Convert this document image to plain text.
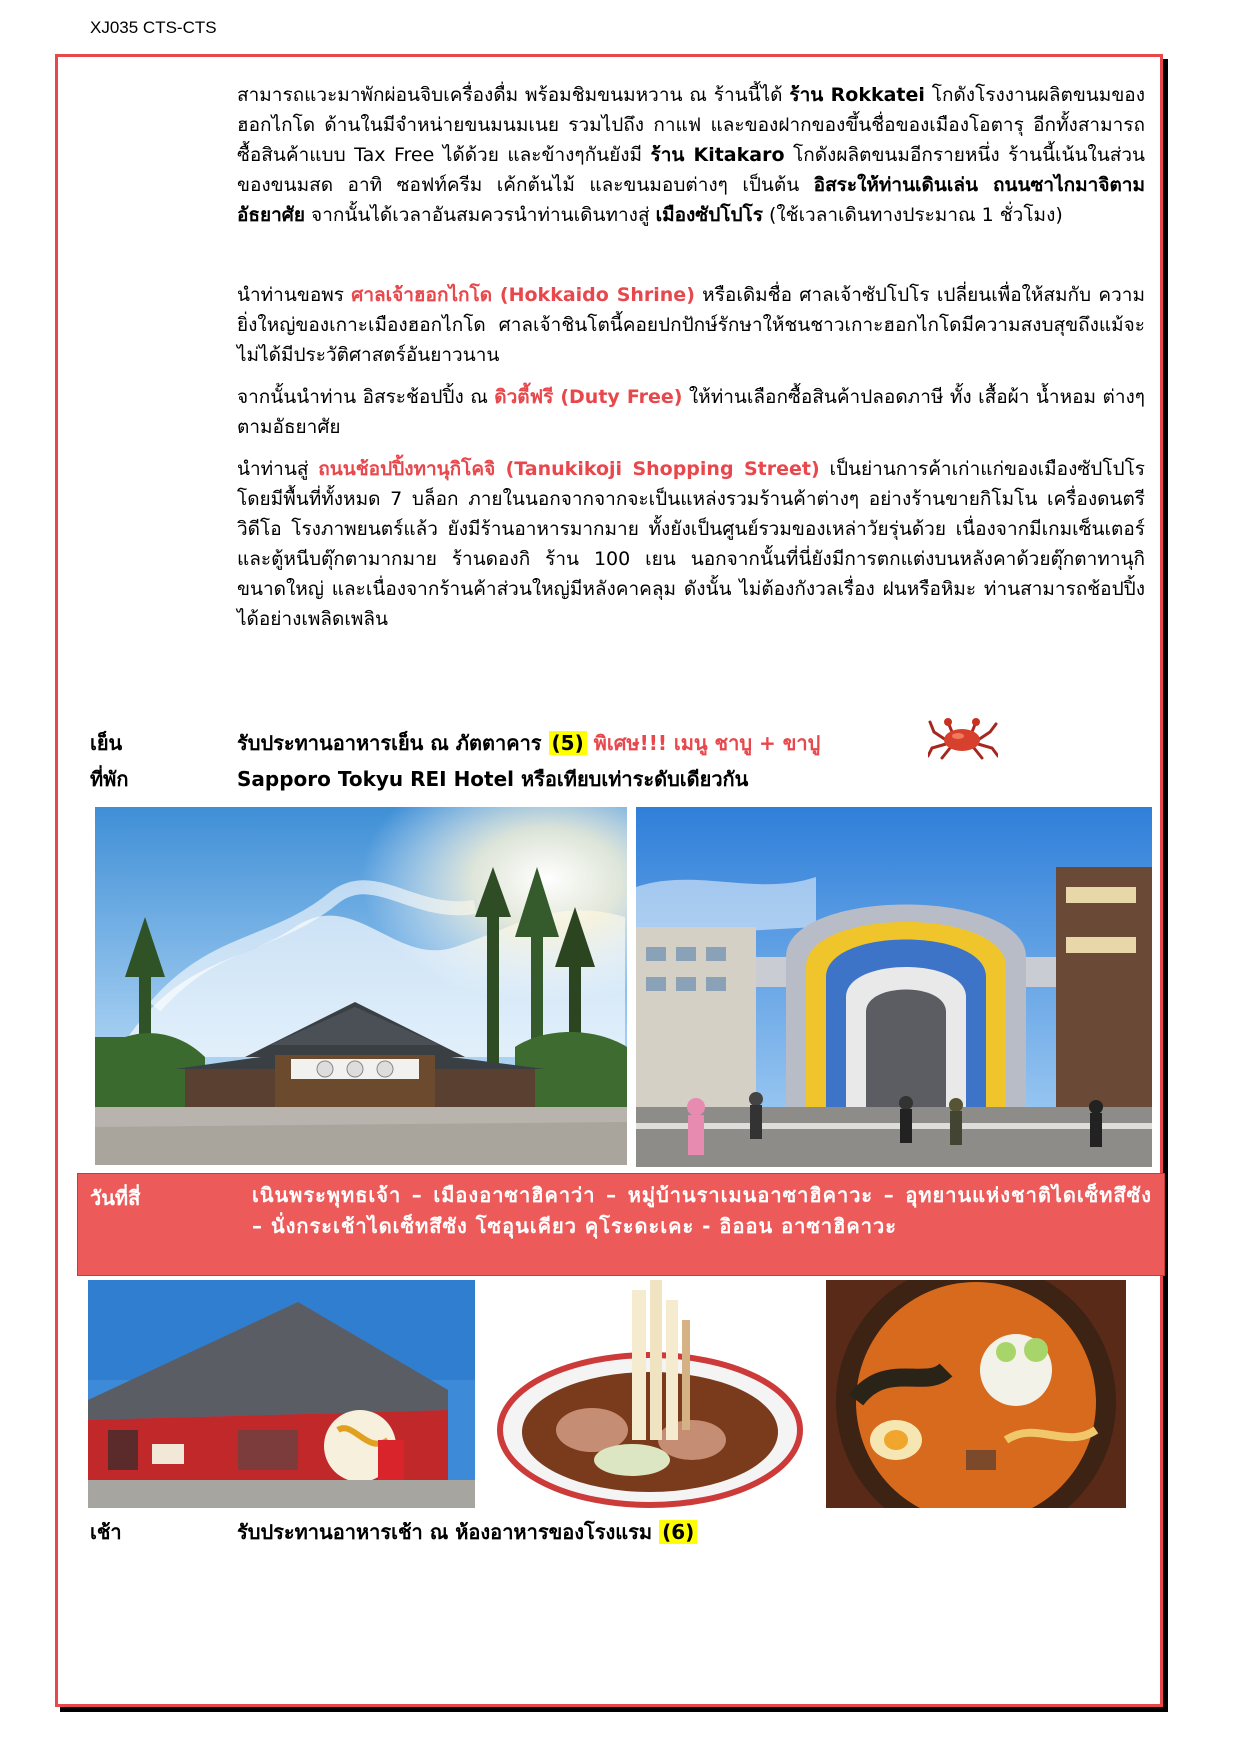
XJ035 CTS-CTS
สามารถแวะมาพักผ่อนจิบเครื่องดื่ม พร้อมชิมขนมหวาน ณ ร้านนี้ได้ ร้าน Rokkatei โกดังโรงงานผลิตขนมของฮอกไกโด ด้านในมีจำหน่ายขนมนมเนย รวมไปถึง กาแฟ และของฝากของขึ้นชื่อของเมืองโอตารุ อีกทั้งสามารถซื้อสินค้าแบบ Tax Free ได้ด้วย และข้างๆกันยังมี ร้าน Kitakaro โกดังผลิตขนมอีกรายหนึ่ง ร้านนี้เน้นในส่วนของขนมสด อาทิ ซอฟท์ครีม เค้กต้นไม้ และขนมอบต่างๆ เป็นต้น อิสระให้ท่านเดินเล่น ถนนซาไกมาจิตามอัธยาศัย จากนั้นได้เวลาอันสมควรนำท่านเดินทางสู่ เมืองซัปโปโร (ใช้เวลาเดินทางประมาณ 1 ชั่วโมง)
นำท่านขอพร ศาลเจ้าฮอกไกโด (Hokkaido Shrine) หรือเดิมชื่อ ศาลเจ้าซัปโปโร เปลี่ยนเพื่อให้สมกับ ความยิ่งใหญ่ของเกาะเมืองฮอกไกโด ศาลเจ้าชินโตนี้คอยปกปักษ์รักษาให้ชนชาวเกาะฮอกไกโดมีความสงบสุขถึงแม้จะไม่ได้มีประวัติศาสตร์อันยาวนาน
จากนั้นนำท่าน อิสระช้อปปิ้ง ณ ดิวตี้ฟรี (Duty Free) ให้ท่านเลือกซื้อสินค้าปลอดภาษี ทั้ง เสื้อผ้า น้ำหอม ต่างๆ ตามอัธยาศัย
นำท่านสู่ ถนนช้อปปิ้งทานุกิโคจิ (Tanukikoji Shopping Street) เป็นย่านการค้าเก่าแก่ของเมืองซัปโปโร โดยมีพื้นที่ทั้งหมด 7 บล็อก ภายในนอกจากจากจะเป็นแหล่งรวมร้านค้าต่างๆ อย่างร้านขายกิโมโน เครื่องดนตรี วิดีโอ โรงภาพยนตร์แล้ว ยังมีร้านอาหารมากมาย ทั้งยังเป็นศูนย์รวมของเหล่าวัยรุ่นด้วย เนื่องจากมีเกมเซ็นเตอร์ และตู้หนีบตุ๊กตามากมาย ร้านดองกิ ร้าน 100 เยน นอกจากนั้นที่นี่ยังมีการตกแต่งบนหลังคาด้วยตุ๊กตาทานุกิขนาดใหญ่ และเนื่องจากร้านค้าส่วนใหญ่มีหลังคาคลุม ดังนั้น ไม่ต้องกังวลเรื่อง ฝนหรือหิมะ ท่านสามารถช้อปปิ้งได้อย่างเพลิดเพลิน
เย็น	รับประทานอาหารเย็น ณ ภัตตาคาร (5) พิเศษ!!! เมนู ชาบู + ขาปู
ที่พัก	Sapporo Tokyu REI Hotel หรือเทียบเท่าระดับเดียวกัน
วันที่สี่	เนินพระพุทธเจ้า – เมืองอาซาฮิคาว่า – หมู่บ้านราเมนอาซาฮิคาวะ – อุทยานแห่งชาติไดเซ็ทสึซัง – นั่งกระเช้าไดเซ็ทสึซัง โซอุนเคียว คุโระดะเคะ - อิออน อาซาฮิคาวะ
เช้า	รับประทานอาหารเช้า ณ ห้องอาหารของโรงแรม (6)
